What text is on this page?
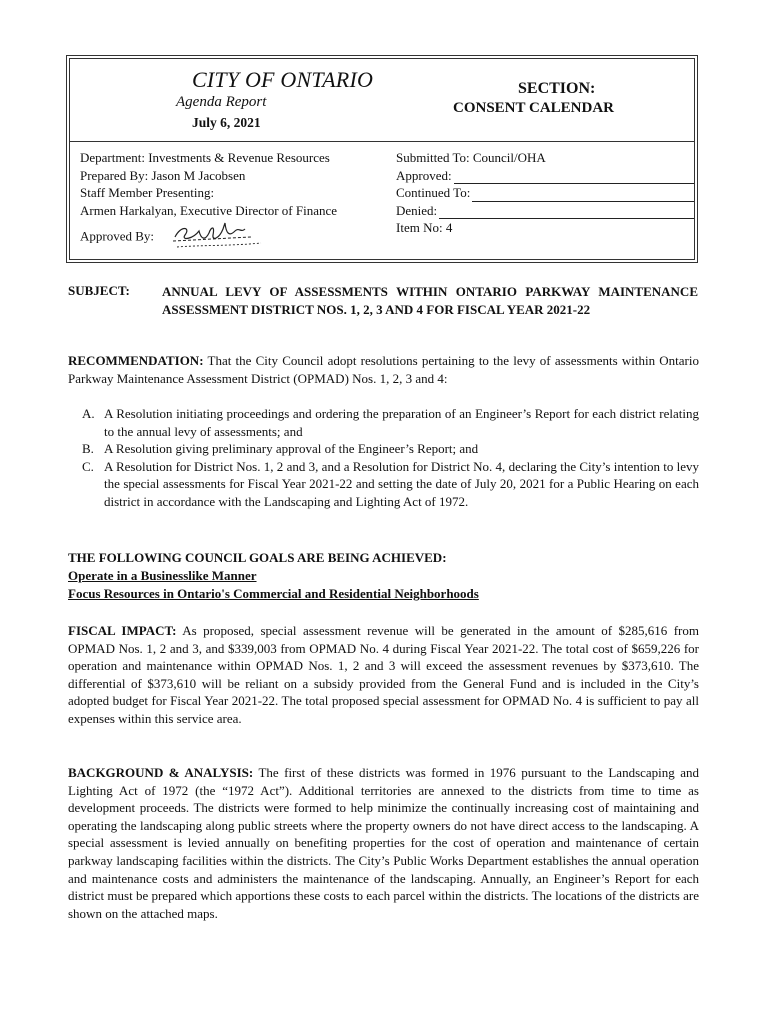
CITY OF ONTARIO
Agenda Report
July 6, 2021
SECTION:
CONSENT CALENDAR
Department: Investments & Revenue Resources
Prepared By: Jason M Jacobsen
Staff Member Presenting:
Armen Harkalyan, Executive Director of Finance
Approved By:
Submitted To: Council/OHA
Approved:
Continued To:
Denied:
Item No: 4
SUBJECT: ANNUAL LEVY OF ASSESSMENTS WITHIN ONTARIO PARKWAY MAINTENANCE ASSESSMENT DISTRICT NOS. 1, 2, 3 AND 4 FOR FISCAL YEAR 2021-22
RECOMMENDATION: That the City Council adopt resolutions pertaining to the levy of assessments within Ontario Parkway Maintenance Assessment District (OPMAD) Nos. 1, 2, 3 and 4:
A. A Resolution initiating proceedings and ordering the preparation of an Engineer’s Report for each district relating to the annual levy of assessments; and
B. A Resolution giving preliminary approval of the Engineer’s Report; and
C. A Resolution for District Nos. 1, 2 and 3, and a Resolution for District No. 4, declaring the City’s intention to levy the special assessments for Fiscal Year 2021-22 and setting the date of July 20, 2021 for a Public Hearing on each district in accordance with the Landscaping and Lighting Act of 1972.
THE FOLLOWING COUNCIL GOALS ARE BEING ACHIEVED:
Operate in a Businesslike Manner
Focus Resources in Ontario's Commercial and Residential Neighborhoods
FISCAL IMPACT: As proposed, special assessment revenue will be generated in the amount of $285,616 from OPMAD Nos. 1, 2 and 3, and $339,003 from OPMAD No. 4 during Fiscal Year 2021-22. The total cost of $659,226 for operation and maintenance within OPMAD Nos. 1, 2 and 3 will exceed the assessment revenues by $373,610. The differential of $373,610 will be reliant on a subsidy provided from the General Fund and is included in the City’s adopted budget for Fiscal Year 2021-22. The total proposed special assessment for OPMAD No. 4 is sufficient to pay all expenses within this service area.
BACKGROUND & ANALYSIS: The first of these districts was formed in 1976 pursuant to the Landscaping and Lighting Act of 1972 (the “1972 Act”). Additional territories are annexed to the districts from time to time as development proceeds. The districts were formed to help minimize the continually increasing cost of maintaining and operating the landscaping along public streets where the property owners do not have direct access to the landscaping. A special assessment is levied annually on benefiting properties for the cost of operation and maintenance of certain parkway landscaping facilities within the districts. The City’s Public Works Department establishes the annual operation and maintenance costs and administers the maintenance of the landscaping. Annually, an Engineer’s Report for each district must be prepared which apportions these costs to each parcel within the districts. The locations of the districts are shown on the attached maps.
